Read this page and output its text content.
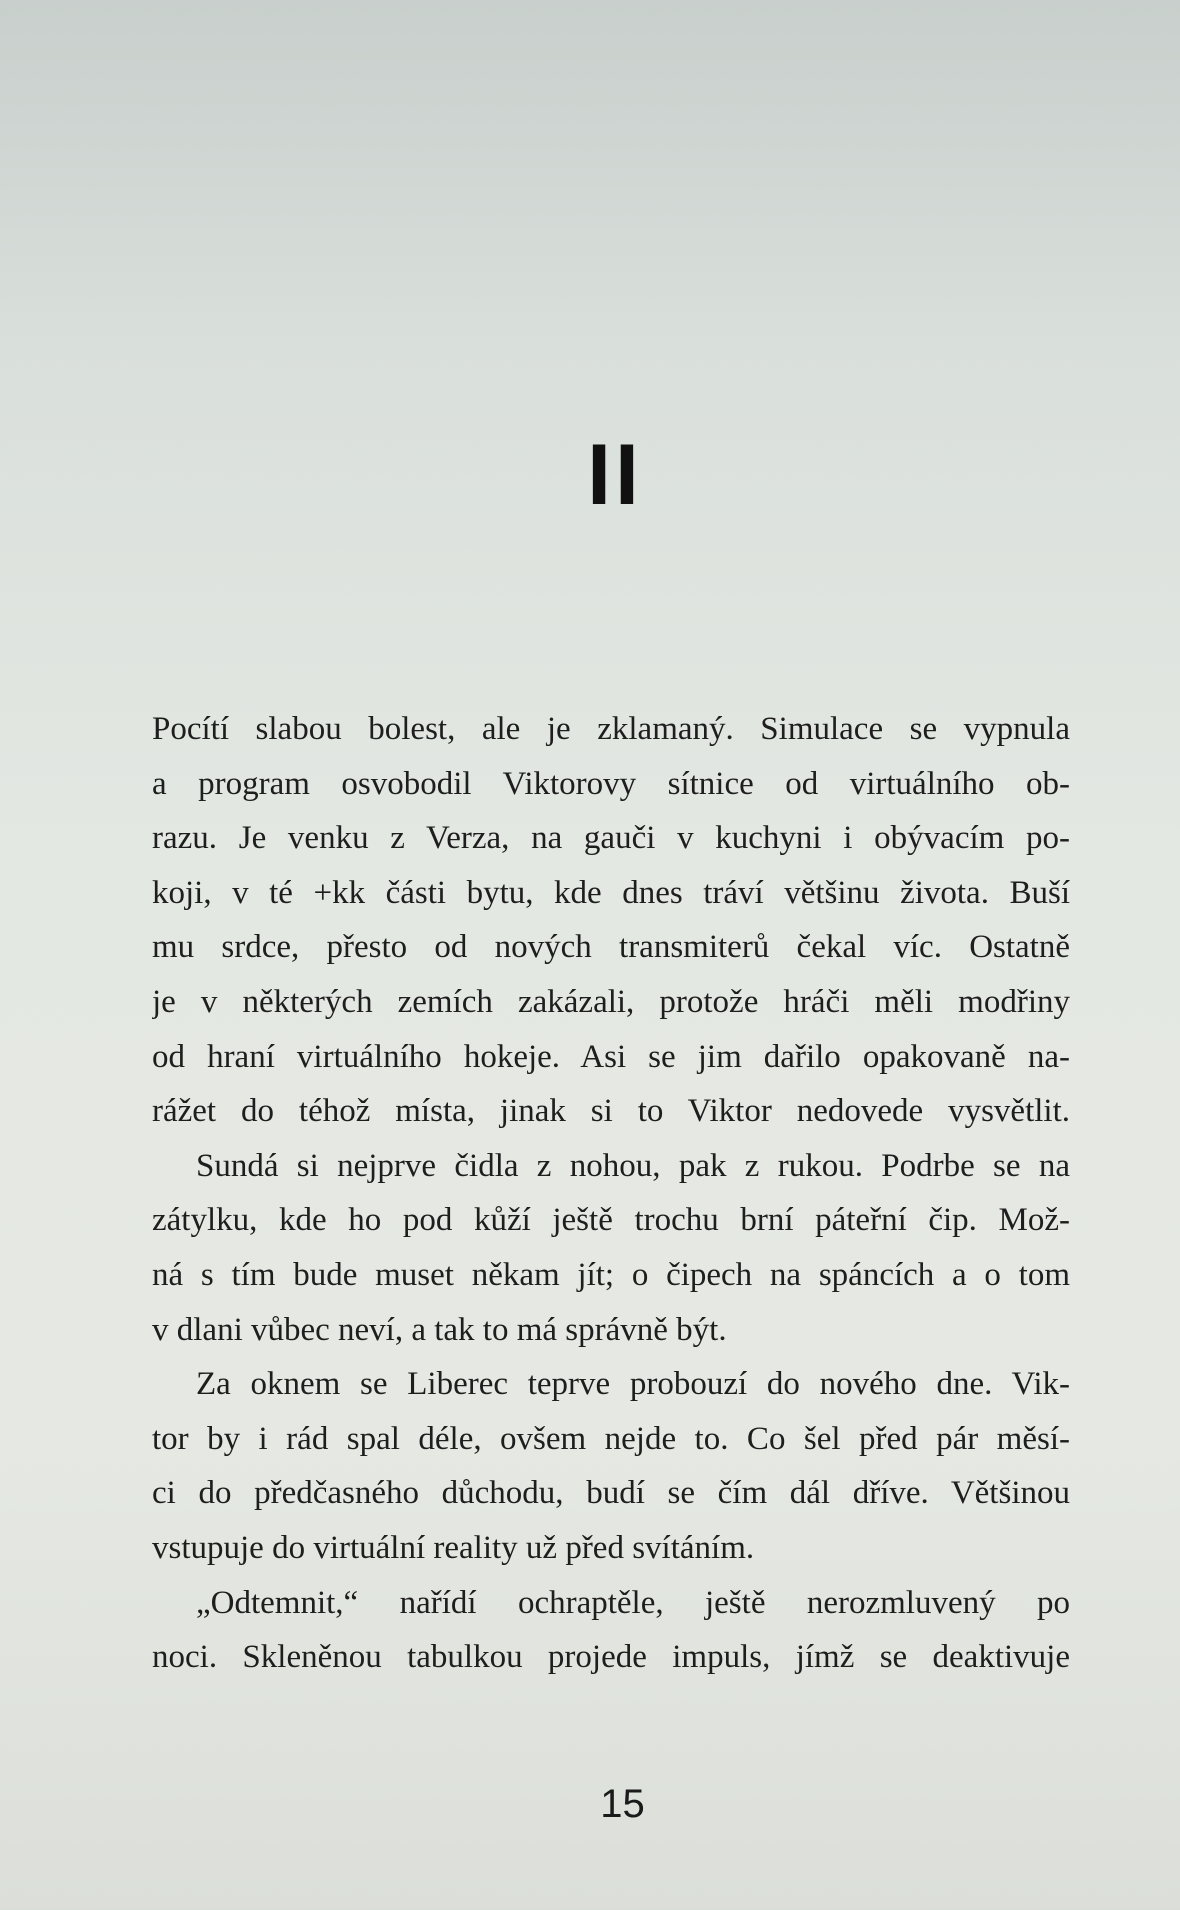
II
Pocítí slabou bolest, ale je zklamaný. Simulace se vypnula
a program osvobodil Viktorovy sítnice od virtuálního ob-
razu. Je venku z Verza, na gauči v kuchyni i obývacím po-
koji, v té +kk části bytu, kde dnes tráví většinu života. Buší
mu srdce, přesto od nových transmiterů čekal víc. Ostatně
je v některých zemích zakázali, protože hráči měli modřiny
od hraní virtuálního hokeje. Asi se jim dařilo opakovaně na-
rážet do téhož místa, jinak si to Viktor nedovede vysvětlit.
Sundá si nejprve čidla z nohou, pak z rukou. Podrbe se na
zátylku, kde ho pod kůží ještě trochu brní páteřní čip. Mož-
ná s tím bude muset někam jít; o čipech na spáncích a o tom
v dlani vůbec neví, a tak to má správně být.
Za oknem se Liberec teprve probouzí do nového dne. Vik-
tor by i rád spal déle, ovšem nejde to. Co šel před pár měsí-
ci do předčasného důchodu, budí se čím dál dříve. Většinou
vstupuje do virtuální reality už před svítáním.
„Odtemnit,“ nařídí ochraptěle, ještě nerozmluvený po
noci. Skleněnou tabulkou projede impuls, jímž se deaktivuje
15
